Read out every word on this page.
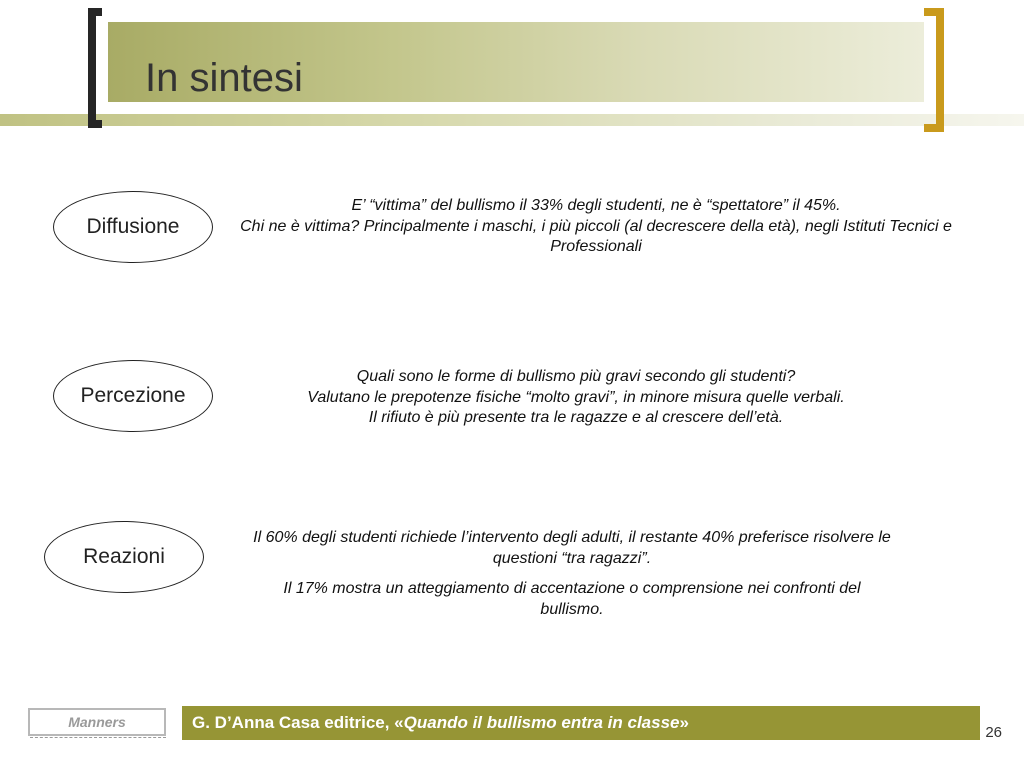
In sintesi
Diffusione
E’ “vittima” del bullismo il 33% degli studenti, ne è “spettatore” il 45%.
Chi ne è vittima? Principalmente i maschi, i più piccoli (al decrescere della età), negli Istituti Tecnici e Professionali
Percezione
Quali sono le forme di bullismo più gravi secondo gli studenti?
Valutano le prepotenze fisiche “molto gravi”, in minore misura quelle verbali.
Il rifiuto è più presente tra le ragazze e al crescere dell’età.
Reazioni
Il 60% degli studenti richiede l’intervento degli adulti, il restante 40% preferisce risolvere le questioni “tra ragazzi”.
Il 17% mostra un atteggiamento di accentazione o comprensione nei confronti del bullismo.
Manners	G. D’Anna Casa editrice, « Quando il bullismo entra in classe »
26
